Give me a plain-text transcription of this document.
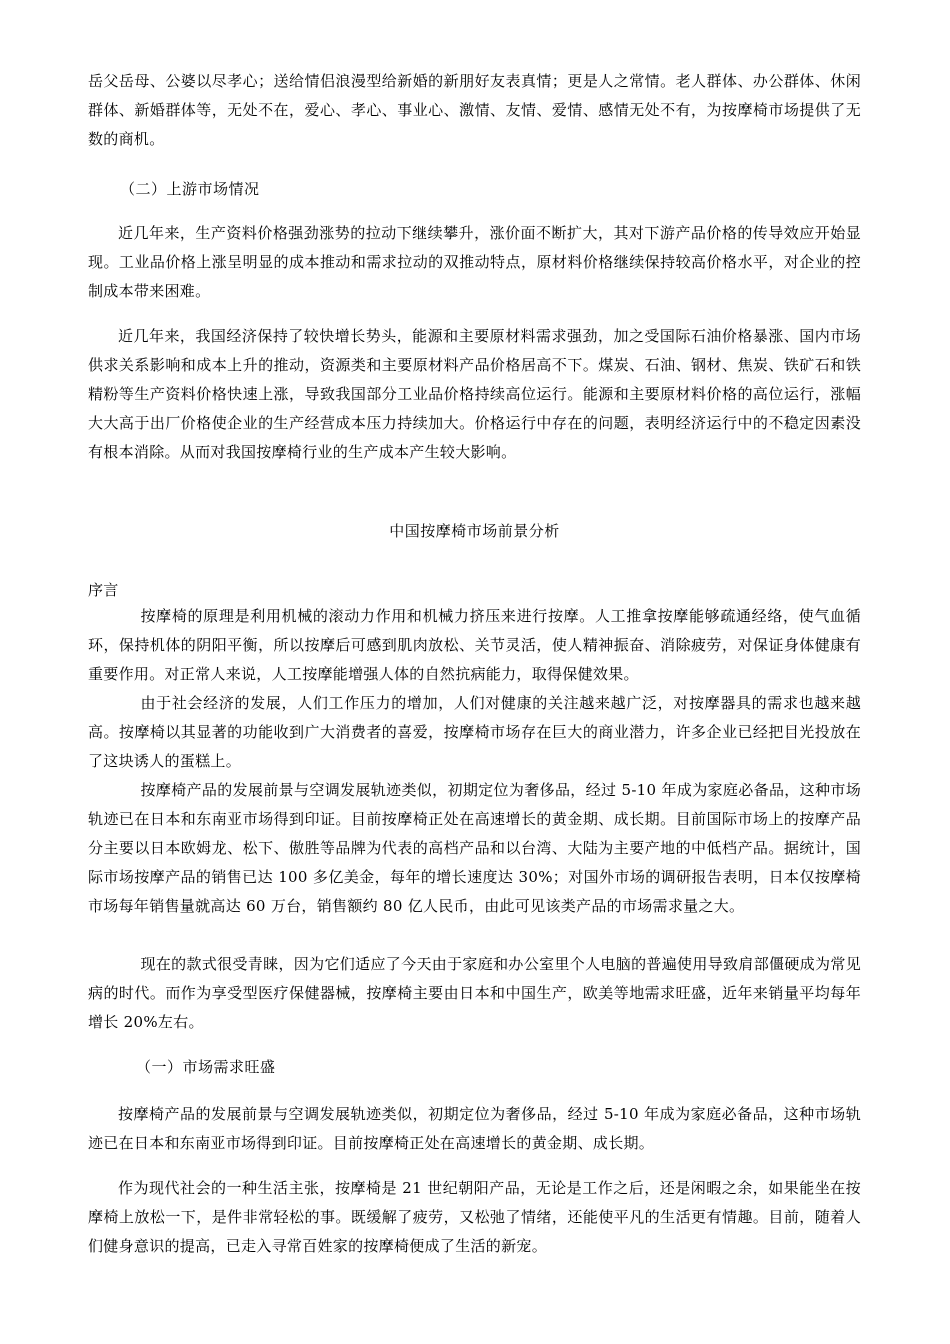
岳父岳母、公婆以尽孝心；送给情侣浪漫型给新婚的新朋好友表真情；更是人之常情。老人群体、办公群体、休闲群体、新婚群体等，无处不在，爱心、孝心、事业心、激情、友情、爱情、感情无处不有，为按摩椅市场提供了无数的商机。

（二）上游市场情况

近几年来，生产资料价格强劲涨势的拉动下继续攀升，涨价面不断扩大，其对下游产品价格的传导效应开始显现。工业品价格上涨呈明显的成本推动和需求拉动的双推动特点，原材料价格继续保持较高价格水平，对企业的控制成本带来困难。

近几年来，我国经济保持了较快增长势头，能源和主要原材料需求强劲，加之受国际石油价格暴涨、国内市场供求关系影响和成本上升的推动，资源类和主要原材料产品价格居高不下。煤炭、石油、钢材、焦炭、铁矿石和铁精粉等生产资料价格快速上涨，导致我国部分工业品价格持续高位运行。能源和主要原材料价格的高位运行，涨幅大大高于出厂价格使企业的生产经营成本压力持续加大。价格运行中存在的问题，表明经济运行中的不稳定因素没有根本消除。从而对我国按摩椅行业的生产成本产生较大影响。

中国按摩椅市场前景分析

序言

按摩椅的原理是利用机械的滚动力作用和机械力挤压来进行按摩。人工推拿按摩能够疏通经络，使气血循环，保持机体的阴阳平衡，所以按摩后可感到肌肉放松、关节灵活，使人精神振奋、消除疲劳，对保证身体健康有重要作用。对正常人来说，人工按摩能增强人体的自然抗病能力，取得保健效果。

由于社会经济的发展，人们工作压力的增加，人们对健康的关注越来越广泛，对按摩器具的需求也越来越高。按摩椅以其显著的功能收到广大消费者的喜爱，按摩椅市场存在巨大的商业潜力，许多企业已经把目光投放在了这块诱人的蛋糕上。

按摩椅产品的发展前景与空调发展轨迹类似，初期定位为奢侈品，经过 5-10 年成为家庭必备品，这种市场轨迹已在日本和东南亚市场得到印证。目前按摩椅正处在高速增长的黄金期、成长期。目前国际市场上的按摩产品分主要以日本欧姆龙、松下、傲胜等品牌为代表的高档产品和以台湾、大陆为主要产地的中低档产品。据统计，国际市场按摩产品的销售已达 100 多亿美金，每年的增长速度达 30%；对国外市场的调研报告表明，日本仅按摩椅市场每年销售量就高达 60 万台，销售额约 80 亿人民币，由此可见该类产品的市场需求量之大。

现在的款式很受青睐，因为它们适应了今天由于家庭和办公室里个人电脑的普遍使用导致肩部僵硬成为常见病的时代。而作为享受型医疗保健器械，按摩椅主要由日本和中国生产，欧美等地需求旺盛，近年来销量平均每年增长 20%左右。

（一）市场需求旺盛

按摩椅产品的发展前景与空调发展轨迹类似，初期定位为奢侈品，经过 5-10 年成为家庭必备品，这种市场轨迹已在日本和东南亚市场得到印证。目前按摩椅正处在高速增长的黄金期、成长期。

作为现代社会的一种生活主张，按摩椅是 21 世纪朝阳产品，无论是工作之后，还是闲暇之余，如果能坐在按摩椅上放松一下，是件非常轻松的事。既缓解了疲劳，又松弛了情绪，还能使平凡的生活更有情趣。目前，随着人们健身意识的提高，已走入寻常百姓家的按摩椅便成了生活的新宠。
